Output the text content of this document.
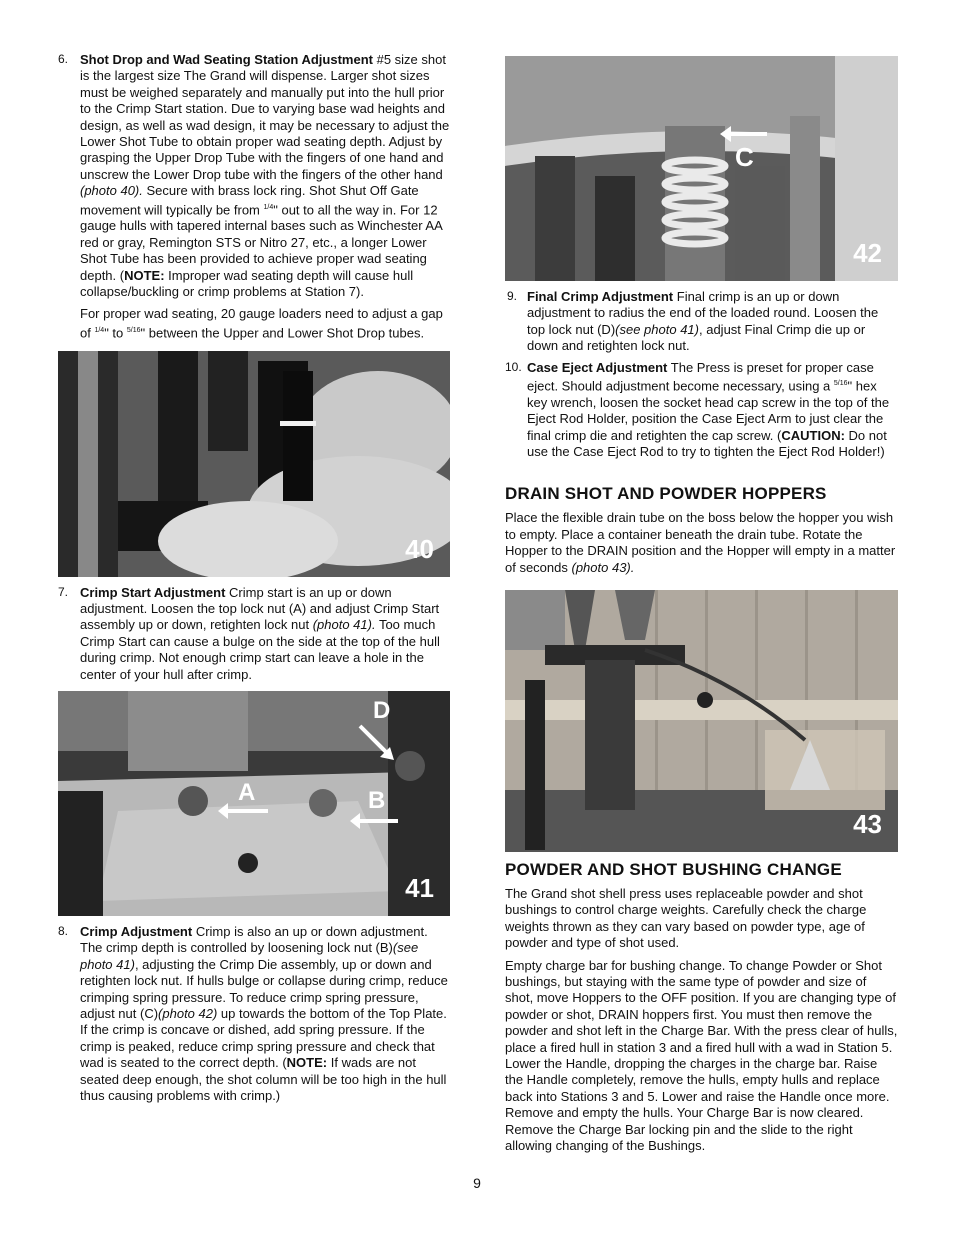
6. Shot Drop and Wad Seating Station Adjustment #5 size shot is the largest size The Grand will dispense. Larger shot sizes must be weighed separately and manually put into the hull prior to the Crimp Start station. Due to varying base wad heights and design, as well as wad design, it may be necessary to adjust the Lower Shot Tube to obtain proper wad seating depth. Adjust by grasping the Upper Drop Tube with the fingers of one hand and unscrew the Lower Drop tube with the fingers of the other hand (photo 40). Secure with brass lock ring. Shot Shut Off Gate movement will typically be from $^{1/4}$" out to all the way in. For 12 gauge hulls with tapered internal bases such as Winchester AA red or gray, Remington STS or Nitro 27, etc., a longer Lower Shot Tube has been provided to achieve proper wad seating depth. (NOTE: Improper wad seating depth will cause hull collapse/buckling or crimp problems at Station 7).

For proper wad seating, 20 gauge loaders need to adjust a gap of $^{1/4}$" to $^{5/16}$" between the Upper and Lower Shot Drop tubes.

40
7. Crimp Start Adjustment Crimp start is an up or down adjustment. Loosen the top lock nut (A) and adjust Crimp Start assembly up or down, retighten lock nut (photo 41). Too much Crimp Start can cause a bulge on the side at the top of the hull during crimp. Not enough crimp start can leave a hole in the center of your hull after crimp.

A	B
D
41
8. Crimp Adjustment Crimp is also an up or down adjustment. The crimp depth is controlled by loosening lock nut (B)(see photo 41), adjusting the Crimp Die assembly, up or down and retighten lock nut. If hulls bulge or collapse during crimp, reduce crimping spring pressure. To reduce crimp spring pressure, adjust nut (C)(photo 42) up towards the bottom of the Top Plate. If the crimp is concave or dished, add spring pressure. If the crimp is peaked, reduce crimp spring pressure and check that wad is seated to the correct depth. (NOTE: If wads are not seated deep enough, the shot column will be too high in the hull thus causing problems with crimp.)

C
42
9. Final Crimp Adjustment Final crimp is an up or down adjustment to radius the end of the loaded round. Loosen the top lock nut (D)(see photo 41), adjust Final Crimp die up or down and retighten lock nut.

10. Case Eject Adjustment The Press is preset for proper case eject. Should adjustment become necessary, using a $^{5/16}$" hex key wrench, loosen the socket head cap screw in the top of the Eject Rod Holder, position the Case Eject Arm to just clear the final crimp die and retighten the cap screw. (CAUTION: Do not use the Case Eject Rod to try to tighten the Eject Rod Holder!)

DRAIN SHOT AND POWDER HOPPERS

Place the flexible drain tube on the boss below the hopper you wish to empty. Place a container beneath the drain tube. Rotate the Hopper to the DRAIN position and the Hopper will empty in a matter of seconds (photo 43).

43
POWDER AND SHOT BUSHING CHANGE

The Grand shot shell press uses replaceable powder and shot bushings to control charge weights. Carefully check the charge weights thrown as they can vary based on powder type, age of powder and type of shot used.

Empty charge bar for bushing change. To change Powder or Shot bushings, but staying with the same type of powder and size of shot, move Hoppers to the OFF position. If you are changing type of powder or shot, DRAIN hoppers first. You must then remove the powder and shot left in the Charge Bar. With the press clear of hulls, place a fired hull in station 3 and a fired hull with a wad in Station 5. Lower the Handle, dropping the charges in the charge bar. Raise the Handle completely, remove the hulls, empty hulls and replace back into Stations 3 and 5. Lower and raise the Handle once more. Remove and empty the hulls. Your Charge Bar is now cleared. Remove the Charge Bar locking pin and the slide to the right allowing changing of the Bushings.

9
